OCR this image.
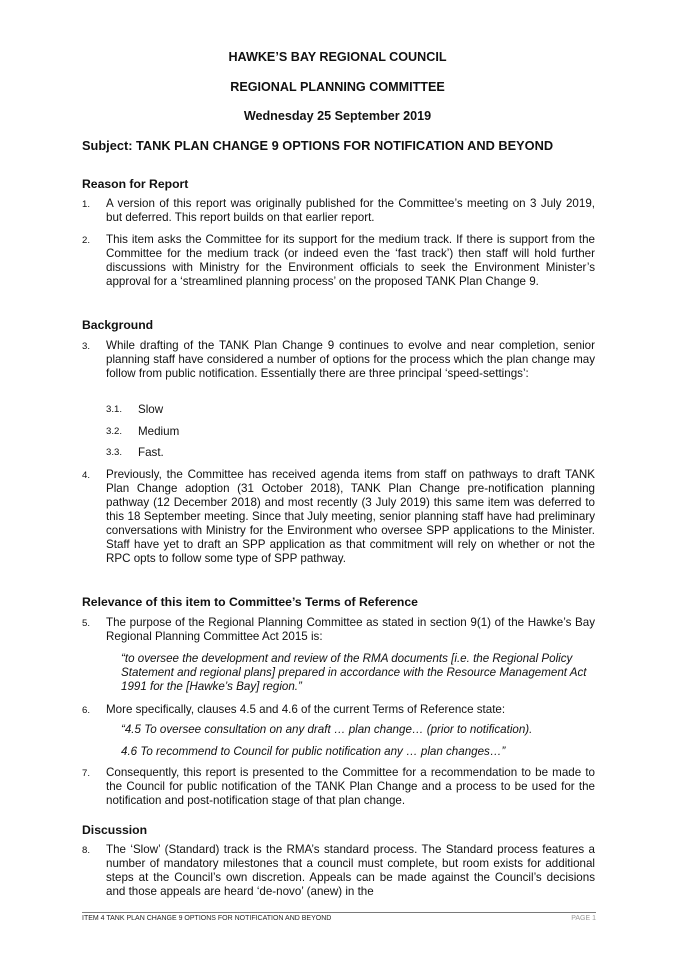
HAWKE’S BAY REGIONAL COUNCIL
REGIONAL PLANNING COMMITTEE
Wednesday 25 September 2019
Subject: TANK PLAN CHANGE 9 OPTIONS FOR NOTIFICATION AND BEYOND
Reason for Report
1. A version of this report was originally published for the Committee’s meeting on 3 July 2019, but deferred. This report builds on that earlier report.
2. This item asks the Committee for its support for the medium track. If there is support from the Committee for the medium track (or indeed even the ‘fast track’) then staff will hold further discussions with Ministry for the Environment officials to seek the Environment Minister’s approval for a ‘streamlined planning process’ on the proposed TANK Plan Change 9.
Background
3. While drafting of the TANK Plan Change 9 continues to evolve and near completion, senior planning staff have considered a number of options for the process which the plan change may follow from public notification. Essentially there are three principal ‘speed-settings’:
3.1. Slow
3.2. Medium
3.3. Fast.
4. Previously, the Committee has received agenda items from staff on pathways to draft TANK Plan Change adoption (31 October 2018), TANK Plan Change pre-notification planning pathway (12 December 2018) and most recently (3 July 2019) this same item was deferred to this 18 September meeting. Since that July meeting, senior planning staff have had preliminary conversations with Ministry for the Environment who oversee SPP applications to the Minister. Staff have yet to draft an SPP application as that commitment will rely on whether or not the RPC opts to follow some type of SPP pathway.
Relevance of this item to Committee’s Terms of Reference
5. The purpose of the Regional Planning Committee as stated in section 9(1) of the Hawke’s Bay Regional Planning Committee Act 2015 is:
“to oversee the development and review of the RMA documents [i.e. the Regional Policy Statement and regional plans] prepared in accordance with the Resource Management Act 1991 for the [Hawke’s Bay] region.”
6. More specifically, clauses 4.5 and 4.6 of the current Terms of Reference state:
“4.5 To oversee consultation on any draft … plan change… (prior to notification).
4.6 To recommend to Council for public notification any … plan changes…”
7. Consequently, this report is presented to the Committee for a recommendation to be made to the Council for public notification of the TANK Plan Change and a process to be used for the notification and post-notification stage of that plan change.
Discussion
8. The ‘Slow’ (Standard) track is the RMA’s standard process. The Standard process features a number of mandatory milestones that a council must complete, but room exists for additional steps at the Council’s own discretion. Appeals can be made against the Council’s decisions and those appeals are heard ‘de-novo’ (anew) in the
ITEM 4 TANK PLAN CHANGE 9 OPTIONS FOR NOTIFICATION AND BEYOND	PAGE 1
